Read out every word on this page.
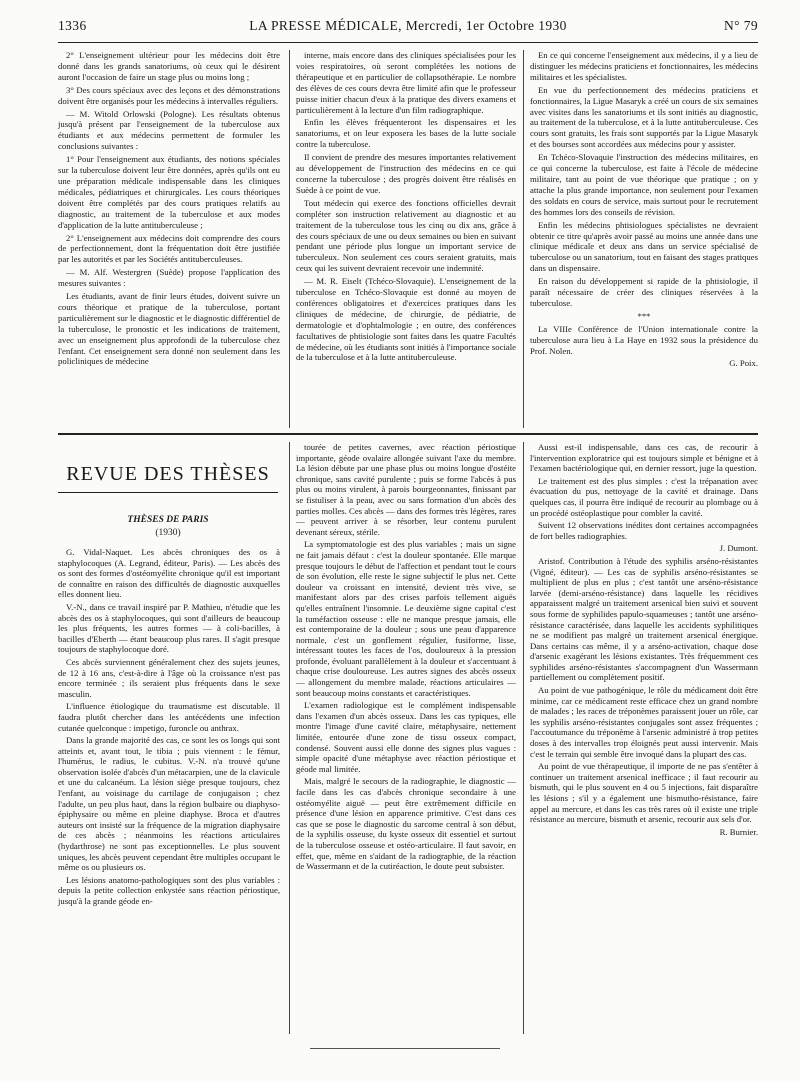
1336	LA PRESSE MÉDICALE, Mercredi, 1er Octobre 1930	N° 79

2° L'enseignement ultérieur pour les médecins doit être donné dans les grands sanatoriums, où ceux qui le désirent auront l'occasion de faire un stage plus ou moins long ;

3° Des cours spéciaux avec des leçons et des démonstrations doivent être organisés pour les médecins à intervalles réguliers.

— M. Witold Orlowski (Pologne). Les résultats obtenus jusqu'à présent par l'enseignement de la tuberculose aux étudiants et aux médecins permettent de formuler les conclusions suivantes :

1° Pour l'enseignement aux étudiants, des notions spéciales sur la tuberculose doivent leur être données, après qu'ils ont eu une préparation médicale indispensable dans les cliniques médicales, pédiatriques et chirurgicales. Les cours théoriques doivent être complétés par des cours pratiques relatifs au diagnostic, au traitement de la tuberculose et aux modes d'application de la lutte antituberculeuse ;

2° L'enseignement aux médecins doit comprendre des cours de perfectionnement, dont la fréquentation doit être justifiée par les autorités et par les Sociétés antituberculeuses.

— M. Alf. Westergren (Suède) propose l'application des mesures suivantes :

Les étudiants, avant de finir leurs études, doivent suivre un cours théorique et pratique de la tuberculose, portant particulièrement sur le diagnostic et le diagnostic différentiel de la tuberculose, le pronostic et les indications de traitement, avec un enseignement plus approfondi de la tuberculose chez l'enfant. Cet enseignement sera donné non seulement dans les policliniques de médecine

interne, mais encore dans des cliniques spécialisées pour les voies respiratoires, où seront complétées les notions de thérapeutique et en particulier de collapsothérapie. Le nombre des élèves de ces cours devra être limité afin que le professeur puisse initier chacun d'eux à la pratique des divers examens et particulièrement à la lecture d'un film radiographique.

Enfin les élèves fréquenteront les dispensaires et les sanatoriums, et on leur exposera les bases de la lutte sociale contre la tuberculose.

Il convient de prendre des mesures importantes relativement au développement de l'instruction des médecins en ce qui concerne la tuberculose ; des progrès doivent être réalisés en Suède à ce point de vue.

Tout médecin qui exerce des fonctions officielles devrait compléter son instruction relativement au diagnostic et au traitement de la tuberculose tous les cinq ou dix ans, grâce à des cours spéciaux de une ou deux semaines ou bien en suivant pendant une période plus longue un important service de tuberculeux. Non seulement ces cours seraient gratuits, mais ceux qui les suivent devraient recevoir une indemnité.

— M. R. Eiselt (Tchéco-Slovaquie). L'enseignement de la tuberculose en Tchéco-Slovaquie est donné au moyen de conférences obligatoires et d'exercices pratiques dans les cliniques de médecine, de chirurgie, de pédiatrie, de dermatologie et d'ophtalmologie ; en outre, des conférences facultatives de phtisiologie sont faites dans les quatre Facultés de médecine, où les étudiants sont initiés à l'importance sociale de la tuberculose et à la lutte antituberculeuse.

En ce qui concerne l'enseignement aux médecins, il y a lieu de distinguer les médecins praticiens et fonctionnaires, les médecins militaires et les spécialistes.

En vue du perfectionnement des médecins praticiens et fonctionnaires, la Ligue Masaryk a créé un cours de six semaines avec visites dans les sanatoriums et ils sont initiés au diagnostic, au traitement de la tuberculose, et à la lutte antituberculeuse. Ces cours sont gratuits, les frais sont supportés par la Ligue Masaryk et des bourses sont accordées aux médecins pour y assister.

En Tchéco-Slovaquie l'instruction des médecins militaires, en ce qui concerne la tuberculose, est faite à l'école de médecine militaire, tant au point de vue théorique que pratique ; on y attache la plus grande importance, non seulement pour l'examen des soldats en cours de service, mais surtout pour le recrutement des hommes lors des conseils de révision.

Enfin les médecins phtisiologues spécialistes ne devraient obtenir ce titre qu'après avoir passé au moins une année dans une clinique médicale et deux ans dans un service spécialisé de tuberculose ou un sanatorium, tout en faisant des stages pratiques dans un dispensaire.

En raison du développement si rapide de la phtisiologie, il paraît nécessaire de créer des cliniques réservées à la tuberculose.

***

La VIIIe Conférence de l'Union internationale contre la tuberculose aura lieu à La Haye en 1932 sous la présidence du Prof. Nolen.

G. Poix.

REVUE DES THÈSES
THÈSES DE PARIS
(1930)

G. Vidal-Naquet. Les abcès chroniques des os à staphylocoques (A. Legrand, éditeur, Paris). — Les abcès des os sont des formes d'ostéomyélite chronique qu'il est important de connaître en raison des difficultés de diagnostic auxquelles elles donnent lieu.

V.-N., dans ce travail inspiré par P. Mathieu, n'étudie que les abcès des os à staphylocoques, qui sont d'ailleurs de beaucoup les plus fréquents, les autres formes — à coli-bacilles, à bacilles d'Eberth — étant beaucoup plus rares. Il s'agit presque toujours de staphylocoque doré.

Ces abcès surviennent généralement chez des sujets jeunes, de 12 à 16 ans, c'est-à-dire à l'âge où la croissance n'est pas encore terminée ; ils seraient plus fréquents dans le sexe masculin.

L'influence étiologique du traumatisme est discutable. Il faudra plutôt chercher dans les antécédents une infection cutanée quelconque : impetigo, furoncle ou anthrax.

Dans la grande majorité des cas, ce sont les os longs qui sont atteints et, avant tout, le tibia ; puis viennent : le fémur, l'humérus, le radius, le cubitus. V.-N. n'a trouvé qu'une observation isolée d'abcès d'un métacarpien, une de la clavicule et une du calcanéum. La lésion siège presque toujours, chez l'enfant, au voisinage du cartilage de conjugaison ; chez l'adulte, un peu plus haut, dans la région bulbaire ou diaphyso-épiphysaire ou même en pleine diaphyse. Broca et d'autres auteurs ont insisté sur la fréquence de la migration diaphysaire de ces abcès ; néanmoins les réactions articulaires (hydarthrose) ne sont pas exceptionnelles. Le plus souvent uniques, les abcès peuvent cependant être multiples occupant le même os ou plusieurs os.

Les lésions anatomo-pathologiques sont des plus variables : depuis la petite collection enkystée sans réaction périostique, jusqu'à la grande géode en-

tourée de petites cavernes, avec réaction périostique importante, géode ovalaire allongée suivant l'axe du membre. La lésion débute par une phase plus ou moins longue d'ostéite chronique, sans cavité purulente ; puis se forme l'abcès à pus plus ou moins virulent, à parois bourgeonnantes, finissant par se fistuliser à la peau, avec ou sans formation d'un abcès des parties molles. Ces abcès — dans des formes très légères, rares — peuvent arriver à se résorber, leur contenu purulent devenant séreux, stérile.

La symptomatologie est des plus variables ; mais un signe ne fait jamais défaut : c'est la douleur spontanée. Elle marque presque toujours le début de l'affection et pendant tout le cours de son évolution, elle reste le signe subjectif le plus net. Cette douleur va croissant en intensité, devient très vive, se manifestant alors par des crises parfois tellement aiguës qu'elles entraînent l'insomnie. Le deuxième signe capital c'est la tuméfaction osseuse : elle ne manque presque jamais, elle est contemporaine de la douleur ; sous une peau d'apparence normale, c'est un gonflement régulier, fusiforme, lisse, intéressant toutes les faces de l'os, douloureux à la pression profonde, évoluant parallèlement à la douleur et s'accentuant à chaque crise douloureuse. Les autres signes des abcès osseux — allongement du membre malade, réactions articulaires — sont beaucoup moins constants et caractéristiques.

L'examen radiologique est le complément indispensable dans l'examen d'un abcès osseux. Dans les cas typiques, elle montre l'image d'une cavité claire, métaphysaire, nettement limitée, entourée d'une zone de tissu osseux compact, condensé. Souvent aussi elle donne des signes plus vagues : simple opacité d'une métaphyse avec réaction périostique et géode mal limitée.

Mais, malgré le secours de la radiographie, le diagnostic — facile dans les cas d'abcès chronique secondaire à une ostéomyélite aiguë — peut être extrêmement difficile en présence d'une lésion en apparence primitive. C'est dans ces cas que se pose le diagnostic du sarcome central à son début, de la syphilis osseuse, du kyste osseux dit essentiel et surtout de la tuberculose osseuse et ostéo-articulaire. Il faut savoir, en effet, que, même en s'aidant de la radiographie, de la réaction de Wassermann et de la cutiréaction, le doute peut subsister.

Aussi est-il indispensable, dans ces cas, de recourir à l'intervention exploratrice qui est toujours simple et bénigne et à l'examen bactériologique qui, en dernier ressort, juge la question.

Le traitement est des plus simples : c'est la trépanation avec évacuation du pus, nettoyage de la cavité et drainage. Dans quelques cas, il pourra être indiqué de recourir au plombage ou à un procédé ostéoplastique pour combler la cavité.

Suivent 12 observations inédites dont certaines accompagnées de fort belles radiographies.

J. Dumont.

Aristof. Contribution à l'étude des syphilis arséno-résistantes (Vigné, éditeur). — Les cas de syphilis arséno-résistantes se multiplient de plus en plus ; c'est tantôt une arséno-résistance larvée (demi-arséno-résistance) dans laquelle les récidives apparaissent malgré un traitement arsenical bien suivi et souvent sous forme de syphilides papulo-squameuses ; tantôt une arséno-résistance caractérisée, dans laquelle les accidents syphilitiques ne se modifient pas malgré un traitement arsenical énergique. Dans certains cas même, il y a arséno-activation, chaque dose d'arsenic exagérant les lésions existantes. Très fréquemment ces syphilides arséno-résistantes s'accompagnent d'un Wassermann partiellement ou complètement positif.

Au point de vue pathogénique, le rôle du médicament doit être minime, car ce médicament reste efficace chez un grand nombre de malades ; les races de tréponèmes paraissent jouer un rôle, car les syphilis arséno-résistantes conjugales sont assez fréquentes ; l'accoutumance du tréponème à l'arsenic administré à trop petites doses à des intervalles trop éloignés peut aussi intervenir. Mais c'est le terrain qui semble être invoqué dans la plupart des cas.

Au point de vue thérapeutique, il importe de ne pas s'entêter à continuer un traitement arsenical inefficace ; il faut recourir au bismuth, qui le plus souvent en 4 ou 5 injections, fait disparaître les lésions ; s'il y a également une bismutho-résistance, faire appel au mercure, et dans les cas très rares où il existe une triple résistance au mercure, bismuth et arsenic, recourir aux sels d'or.

R. Burnier.
